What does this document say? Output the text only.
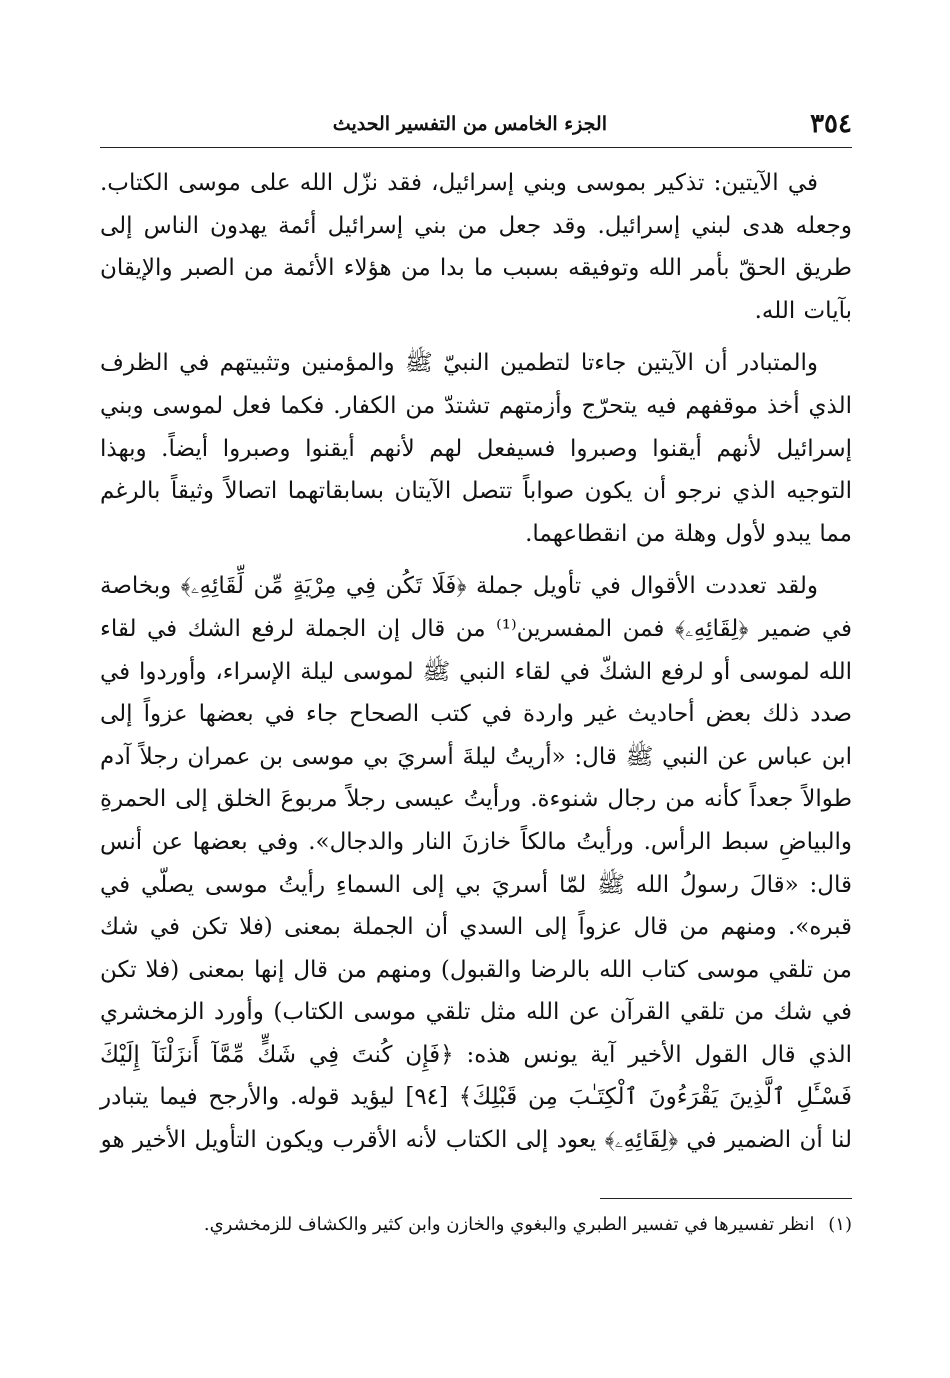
٣٥٤
الجزء الخامس من التفسير الحديث

في الآيتين: تذكير بموسى وبني إسرائيل، فقد نزّل الله على موسى الكتاب. وجعله هدى لبني إسرائيل. وقد جعل من بني إسرائيل أئمة يهدون الناس إلى طريق الحقّ بأمر الله وتوفيقه بسبب ما بدا من هؤلاء الأئمة من الصبر والإيقان بآيات الله.

والمتبادر أن الآيتين جاءتا لتطمين النبيّ ﷺ والمؤمنين وتثبيتهم في الظرف الذي أخذ موقفهم فيه يتحرّج وأزمتهم تشتدّ من الكفار. فكما فعل لموسى وبني إسرائيل لأنهم أيقنوا وصبروا فسيفعل لهم لأنهم أيقنوا وصبروا أيضاً. وبهذا التوجيه الذي نرجو أن يكون صواباً تتصل الآيتان بسابقاتهما اتصالاً وثيقاً بالرغم مما يبدو لأول وهلة من انقطاعهما.

ولقد تعددت الأقوال في تأويل جملة ﴿فَلَا تَكُن فِي مِرْيَةٍ مِّن لِّقَائِهِۦ﴾ وبخاصة في ضمير ﴿لِقَائِهِۦ﴾ فمن المفسرين⁽¹⁾ من قال إن الجملة لرفع الشك في لقاء الله لموسى أو لرفع الشكّ في لقاء النبي ﷺ لموسى ليلة الإسراء، وأوردوا في صدد ذلك بعض أحاديث غير واردة في كتب الصحاح جاء في بعضها عزواً إلى ابن عباس عن النبي ﷺ قال: «أريتُ ليلةَ أسريَ بي موسى بن عمران رجلاً آدم طوالاً جعداً كأنه من رجال شنوءة. ورأيتُ عيسى رجلاً مربوعَ الخلق إلى الحمرةِ والبياضِ سبط الرأس. ورأيتُ مالكاً خازنَ النار والدجال». وفي بعضها عن أنس قال: «قالَ رسولُ الله ﷺ لمّا أسريَ بي إلى السماءِ رأيتُ موسى يصلّي في قبره». ومنهم من قال عزواً إلى السدي أن الجملة بمعنى (فلا تكن في شك من تلقي موسى كتاب الله بالرضا والقبول) ومنهم من قال إنها بمعنى (فلا تكن في شك من تلقي القرآن عن الله مثل تلقي موسى الكتاب) وأورد الزمخشري الذي قال القول الأخير آية يونس هذه: ﴿فَإِن كُنتَ فِي شَكٍّ مِّمَّآ أَنزَلْنَآ إِلَيْكَ فَسْـَٔلِ ٱلَّذِينَ يَقْرَءُونَ ٱلْكِتَـٰبَ مِن قَبْلِكَ﴾ [٩٤] ليؤيد قوله. والأرجح فيما يتبادر لنا أن الضمير في ﴿لِقَائِهِۦ﴾ يعود إلى الكتاب لأنه الأقرب ويكون التأويل الأخير هو

(١) انظر تفسيرها في تفسير الطبري والبغوي والخازن وابن كثير والكشاف للزمخشري.
